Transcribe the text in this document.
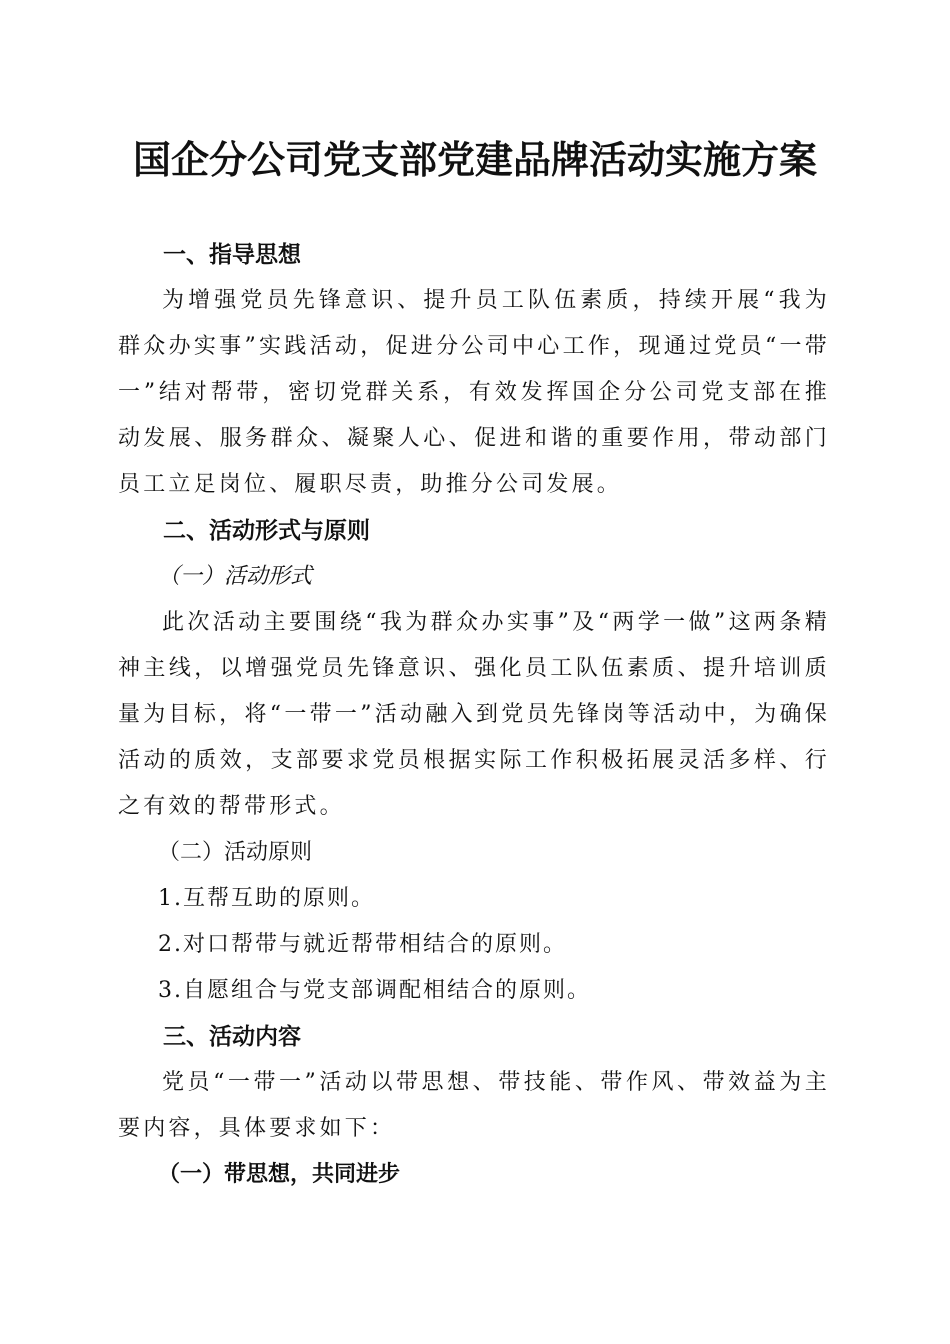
国企分公司党支部党建品牌活动实施方案
一、指导思想

为增强党员先锋意识、提升员工队伍素质，持续开展“我为群众办实事”实践活动，促进分公司中心工作，现通过党员“一带一”结对帮带，密切党群关系，有效发挥国企分公司党支部在推动发展、服务群众、凝聚人心、促进和谐的重要作用，带动部门员工立足岗位、履职尽责，助推分公司发展。

二、活动形式与原则
（一）活动形式

此次活动主要围绕“我为群众办实事”及“两学一做”这两条精神主线，以增强党员先锋意识、强化员工队伍素质、提升培训质量为目标，将“一带一”活动融入到党员先锋岗等活动中，为确保活动的质效，支部要求党员根据实际工作积极拓展灵活多样、行之有效的帮带形式。

（二）活动原则
1.互帮互助的原则。
2.对口帮带与就近帮带相结合的原则。
3.自愿组合与党支部调配相结合的原则。
三、活动内容

党员“一带一”活动以带思想、带技能、带作风、带效益为主要内容，具体要求如下：

（一）带思想，共同进步
